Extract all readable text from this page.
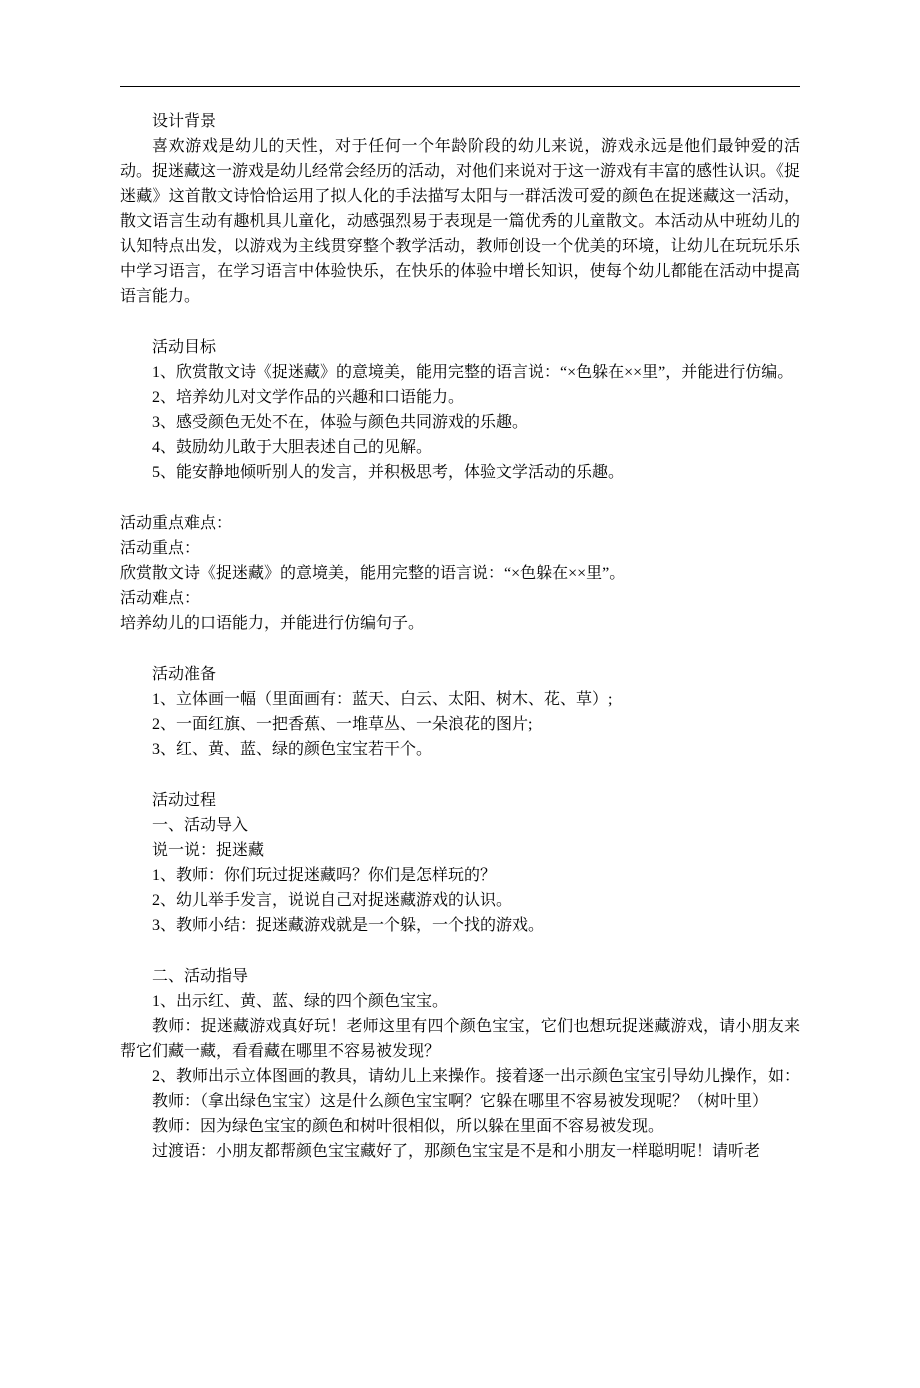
设计背景

喜欢游戏是幼儿的天性，对于任何一个年龄阶段的幼儿来说，游戏永远是他们最钟爱的活动。捉迷藏这一游戏是幼儿经常会经历的活动，对他们来说对于这一游戏有丰富的感性认识。《捉迷藏》这首散文诗恰恰运用了拟人化的手法描写太阳与一群活泼可爱的颜色在捉迷藏这一活动，散文语言生动有趣机具儿童化，动感强烈易于表现是一篇优秀的儿童散文。本活动从中班幼儿的认知特点出发，以游戏为主线贯穿整个教学活动，教师创设一个优美的环境，让幼儿在玩玩乐乐中学习语言，在学习语言中体验快乐，在快乐的体验中增长知识，使每个幼儿都能在活动中提高语言能力。

活动目标

1、欣赏散文诗《捉迷藏》的意境美，能用完整的语言说：“×色躲在××里”，并能进行仿编。

2、培养幼儿对文学作品的兴趣和口语能力。

3、感受颜色无处不在，体验与颜色共同游戏的乐趣。

4、鼓励幼儿敢于大胆表述自己的见解。

5、能安静地倾听别人的发言，并积极思考，体验文学活动的乐趣。

活动重点难点：

活动重点：

欣赏散文诗《捉迷藏》的意境美，能用完整的语言说：“×色躲在××里”。

活动难点：

培养幼儿的口语能力，并能进行仿编句子。

活动准备

1、立体画一幅（里面画有：蓝天、白云、太阳、树木、花、草）;

2、一面红旗、一把香蕉、一堆草丛、一朵浪花的图片;

3、红、黄、蓝、绿的颜色宝宝若干个。

活动过程

一、活动导入

说一说：捉迷藏

1、教师：你们玩过捉迷藏吗？你们是怎样玩的？

2、幼儿举手发言，说说自己对捉迷藏游戏的认识。

3、教师小结：捉迷藏游戏就是一个躲，一个找的游戏。

二、活动指导

1、出示红、黄、蓝、绿的四个颜色宝宝。

教师：捉迷藏游戏真好玩！老师这里有四个颜色宝宝，它们也想玩捉迷藏游戏，请小朋友来帮它们藏一藏，看看藏在哪里不容易被发现？

2、教师出示立体图画的教具，请幼儿上来操作。接着逐一出示颜色宝宝引导幼儿操作，如：

教师：（拿出绿色宝宝）这是什么颜色宝宝啊？它躲在哪里不容易被发现呢？（树叶里）

教师：因为绿色宝宝的颜色和树叶很相似，所以躲在里面不容易被发现。

过渡语：小朋友都帮颜色宝宝藏好了，那颜色宝宝是不是和小朋友一样聪明呢！请听老
